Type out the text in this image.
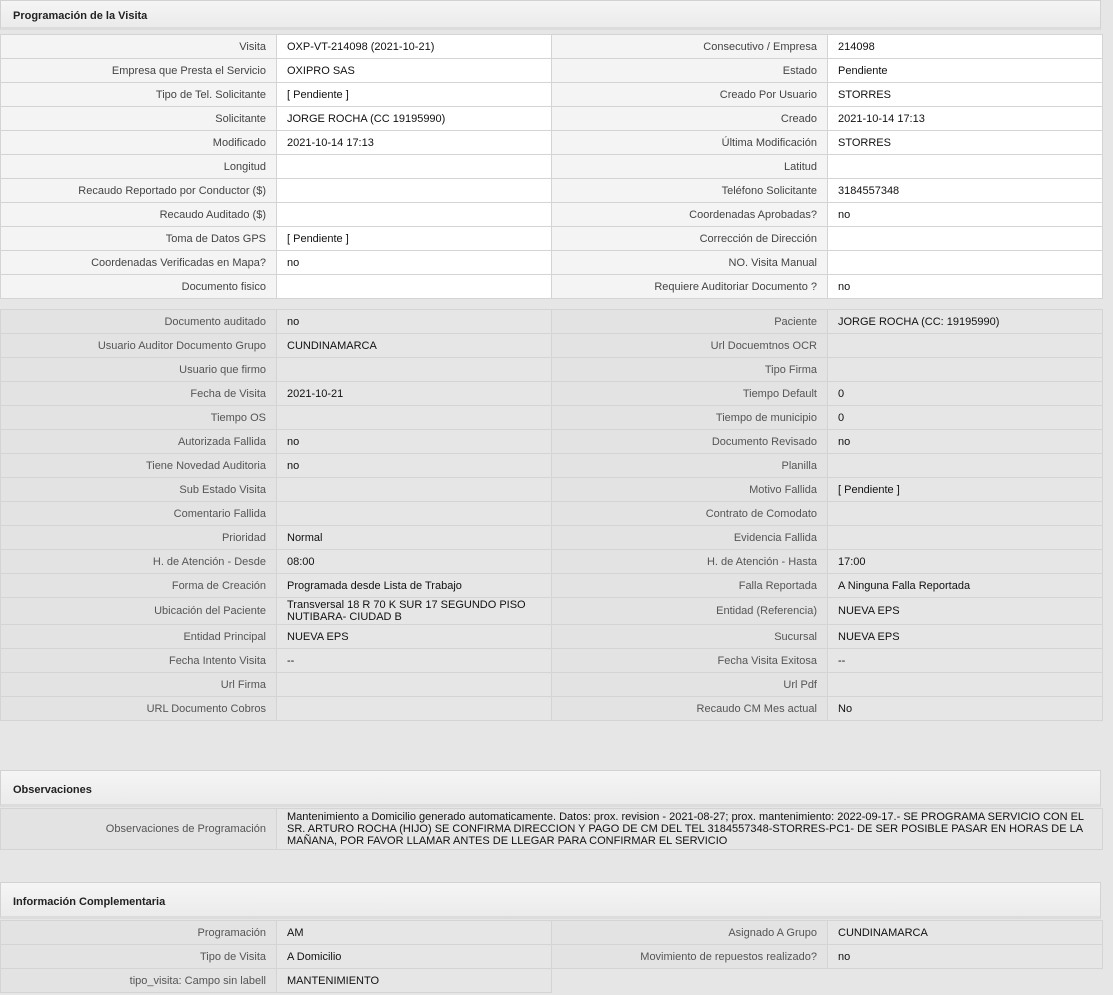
Programación de la Visita
Visita	OXP-VT-214098 (2021-10-21)	Consecutivo / Empresa	214098
Empresa que Presta el Servicio	OXIPRO SAS	Estado	Pendiente
Tipo de Tel. Solicitante	[ Pendiente ]	Creado Por Usuario	STORRES
Solicitante	JORGE ROCHA (CC 19195990)	Creado	2021-10-14 17:13
Modificado	2021-10-14 17:13	Última Modificación	STORRES
Longitud		Latitud	
Recaudo Reportado por Conductor ($)		Teléfono Solicitante	3184557348
Recaudo Auditado ($)		Coordenadas Aprobadas?	no
Toma de Datos GPS	[ Pendiente ]	Corrección de Dirección	
Coordenadas Verificadas en Mapa?	no	NO. Visita Manual	
Documento fisico		Requiere Auditoriar Documento ?	no
Documento auditado	no	Paciente	JORGE ROCHA (CC: 19195990)
Usuario Auditor Documento Grupo	CUNDINAMARCA	Url Docuemtnos OCR	
Usuario que firmo		Tipo Firma	
Fecha de Visita	2021-10-21	Tiempo Default	0
Tiempo OS		Tiempo de municipio	0
Autorizada Fallida	no	Documento Revisado	no
Tiene Novedad Auditoria	no	Planilla	
Sub Estado Visita		Motivo Fallida	[ Pendiente ]
Comentario Fallida		Contrato de Comodato	
Prioridad	Normal	Evidencia Fallida	
H. de Atención - Desde	08:00	H. de Atención - Hasta	17:00
Forma de Creación	Programada desde Lista de Trabajo	Falla Reportada	A Ninguna Falla Reportada
Ubicación del Paciente	Transversal 18 R 70 K SUR 17 SEGUNDO PISO NUTIBARA- CIUDAD B	Entidad (Referencia)	NUEVA EPS
Entidad Principal	NUEVA EPS	Sucursal	NUEVA EPS
Fecha Intento Visita	--	Fecha Visita Exitosa	--
Url Firma		Url Pdf	
URL Documento Cobros		Recaudo CM Mes actual	No
Observaciones
Observaciones de Programación	Mantenimiento a Domicilio generado automaticamente. Datos: prox. revision - 2021-08-27; prox. mantenimiento: 2022-09-17.- SE PROGRAMA SERVICIO CON EL SR. ARTURO ROCHA (HIJO) SE CONFIRMA DIRECCION Y PAGO DE CM DEL TEL 3184557348-STORRES-PC1- DE SER POSIBLE PASAR EN HORAS DE LA MAÑANA, POR FAVOR LLAMAR ANTES DE LLEGAR PARA CONFIRMAR EL SERVICIO
Información Complementaria
Programación	AM	Asignado A Grupo	CUNDINAMARCA
Tipo de Visita	A Domicilio	Movimiento de repuestos realizado?	no
tipo_visita: Campo sin labell	MANTENIMIENTO		
